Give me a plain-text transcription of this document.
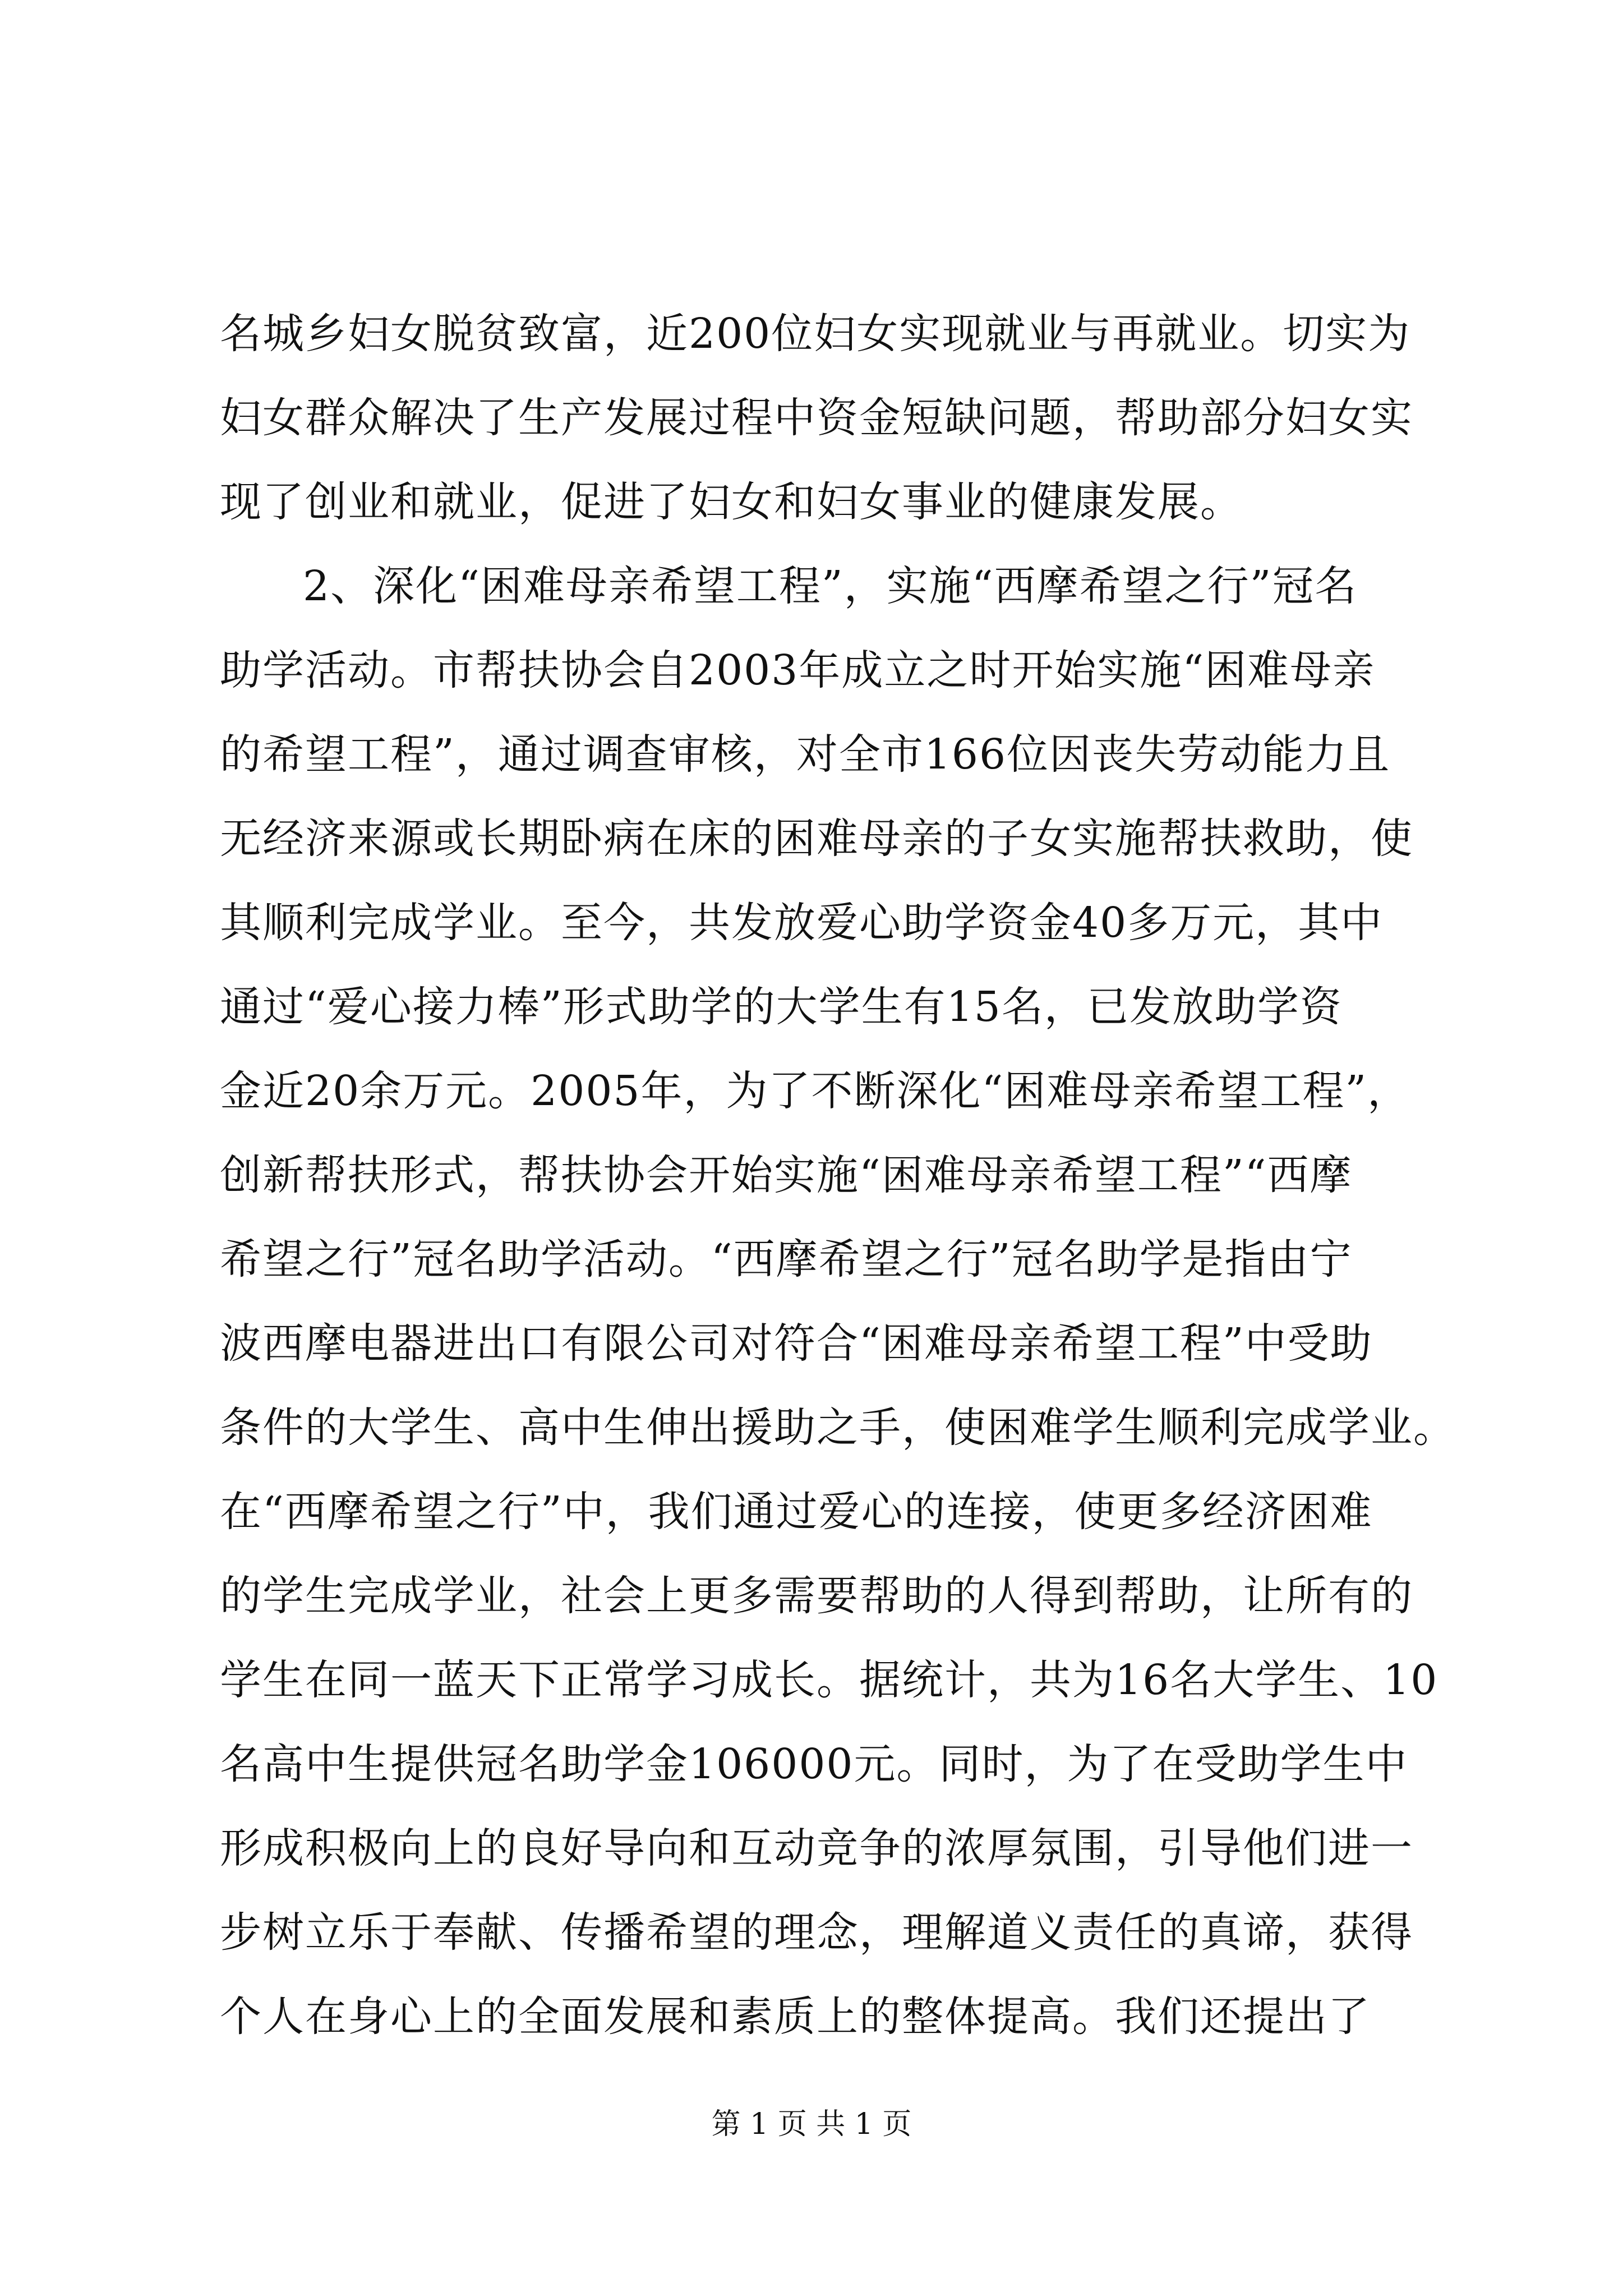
名城乡妇女脱贫致富，近200位妇女实现就业与再就业。切实为
妇女群众解决了生产发展过程中资金短缺问题，帮助部分妇女实
现了创业和就业，促进了妇女和妇女事业的健康发展。
2、深化“困难母亲希望工程”，实施“西摩希望之行”冠名
助学活动。市帮扶协会自2003年成立之时开始实施“困难母亲
的希望工程”，通过调查审核，对全市166位因丧失劳动能力且
无经济来源或长期卧病在床的困难母亲的子女实施帮扶救助，使
其顺利完成学业。至今，共发放爱心助学资金40多万元，其中
通过“爱心接力棒”形式助学的大学生有15名，已发放助学资
金近20余万元。2005年，为了不断深化“困难母亲希望工程”，
创新帮扶形式，帮扶协会开始实施“困难母亲希望工程”“西摩
希望之行”冠名助学活动。“西摩希望之行”冠名助学是指由宁
波西摩电器进出口有限公司对符合“困难母亲希望工程”中受助
条件的大学生、高中生伸出援助之手，使困难学生顺利完成学业。
在“西摩希望之行”中，我们通过爱心的连接，使更多经济困难
的学生完成学业，社会上更多需要帮助的人得到帮助，让所有的
学生在同一蓝天下正常学习成长。据统计，共为16名大学生、10
名高中生提供冠名助学金106000元。同时，为了在受助学生中
形成积极向上的良好导向和互动竞争的浓厚氛围，引导他们进一
步树立乐于奉献、传播希望的理念，理解道义责任的真谛，获得
个人在身心上的全面发展和素质上的整体提高。我们还提出了
第 1 页 共 1 页
